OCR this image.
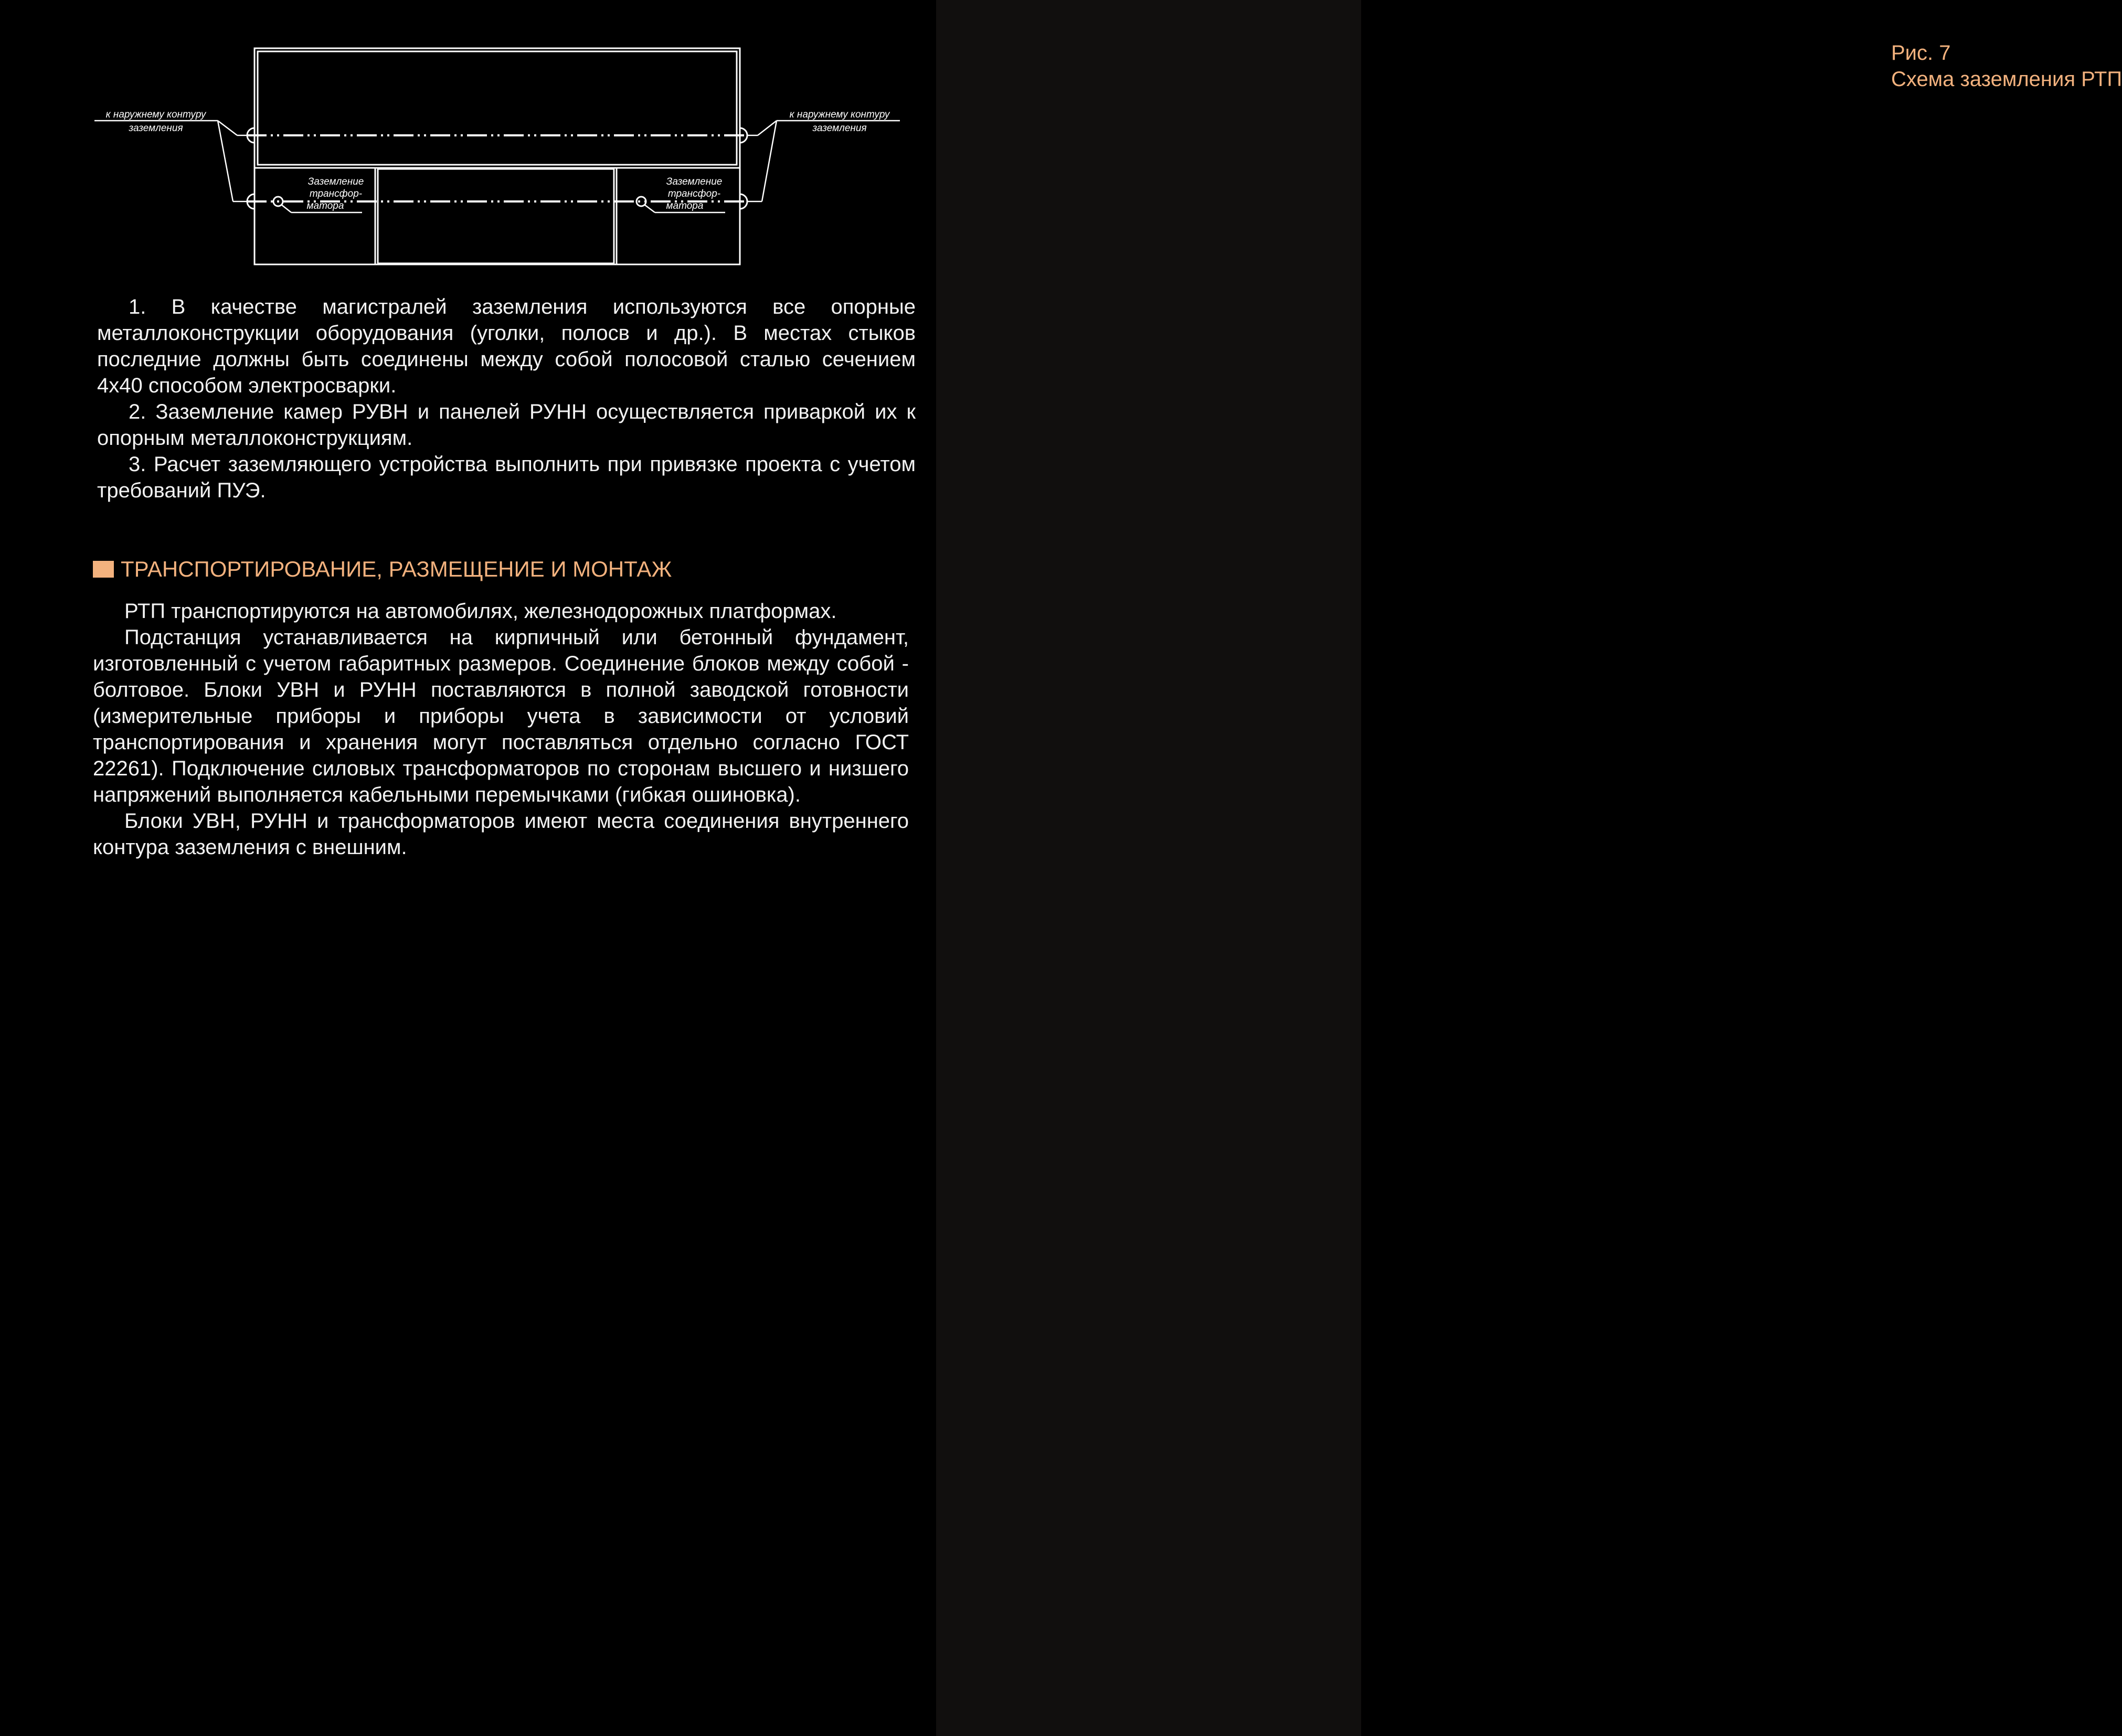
Рис. 7
Схема заземления РТП
к наружнему контуру
заземления
к наружнему контуру
заземления
Заземление
трансфор-
матора
Заземление
трансфор-
матора

1. В качестве магистралей заземления используются все опорные металлоконструкции оборудования (уголки, полосв и др.). В местах стыков последние должны быть соединены между собой полосовой сталью сечением 4х40 способом электросварки.

2. Заземление камер РУВН и панелей РУНН осуществляется приваркой их к опорным металлоконструкциям.

3. Расчет заземляющего устройства выполнить при привязке проекта с учетом требований ПУЭ.

ТРАНСПОРТИРОВАНИЕ, РАЗМЕЩЕНИЕ И МОНТАЖ

РТП транспортируются на автомобилях, железнодорожных платформах.

Подстанция устанавливается на кирпичный или бетонный фундамент, изготовленный с учетом габаритных размеров. Соединение блоков между собой - болтовое. Блоки УВН и РУНН поставляются в полной заводской готовности (измерительные приборы и приборы учета в зависимости от условий транспортирования и хранения могут поставляться отдельно согласно ГОСТ 22261). Подключение силовых трансформаторов по сторонам высшего и низшего напряжений выполняется кабельными перемычками (гибкая ошиновка).

Блоки УВН, РУНН и трансформаторов имеют места соединения внутреннего контура заземления с внешним.
